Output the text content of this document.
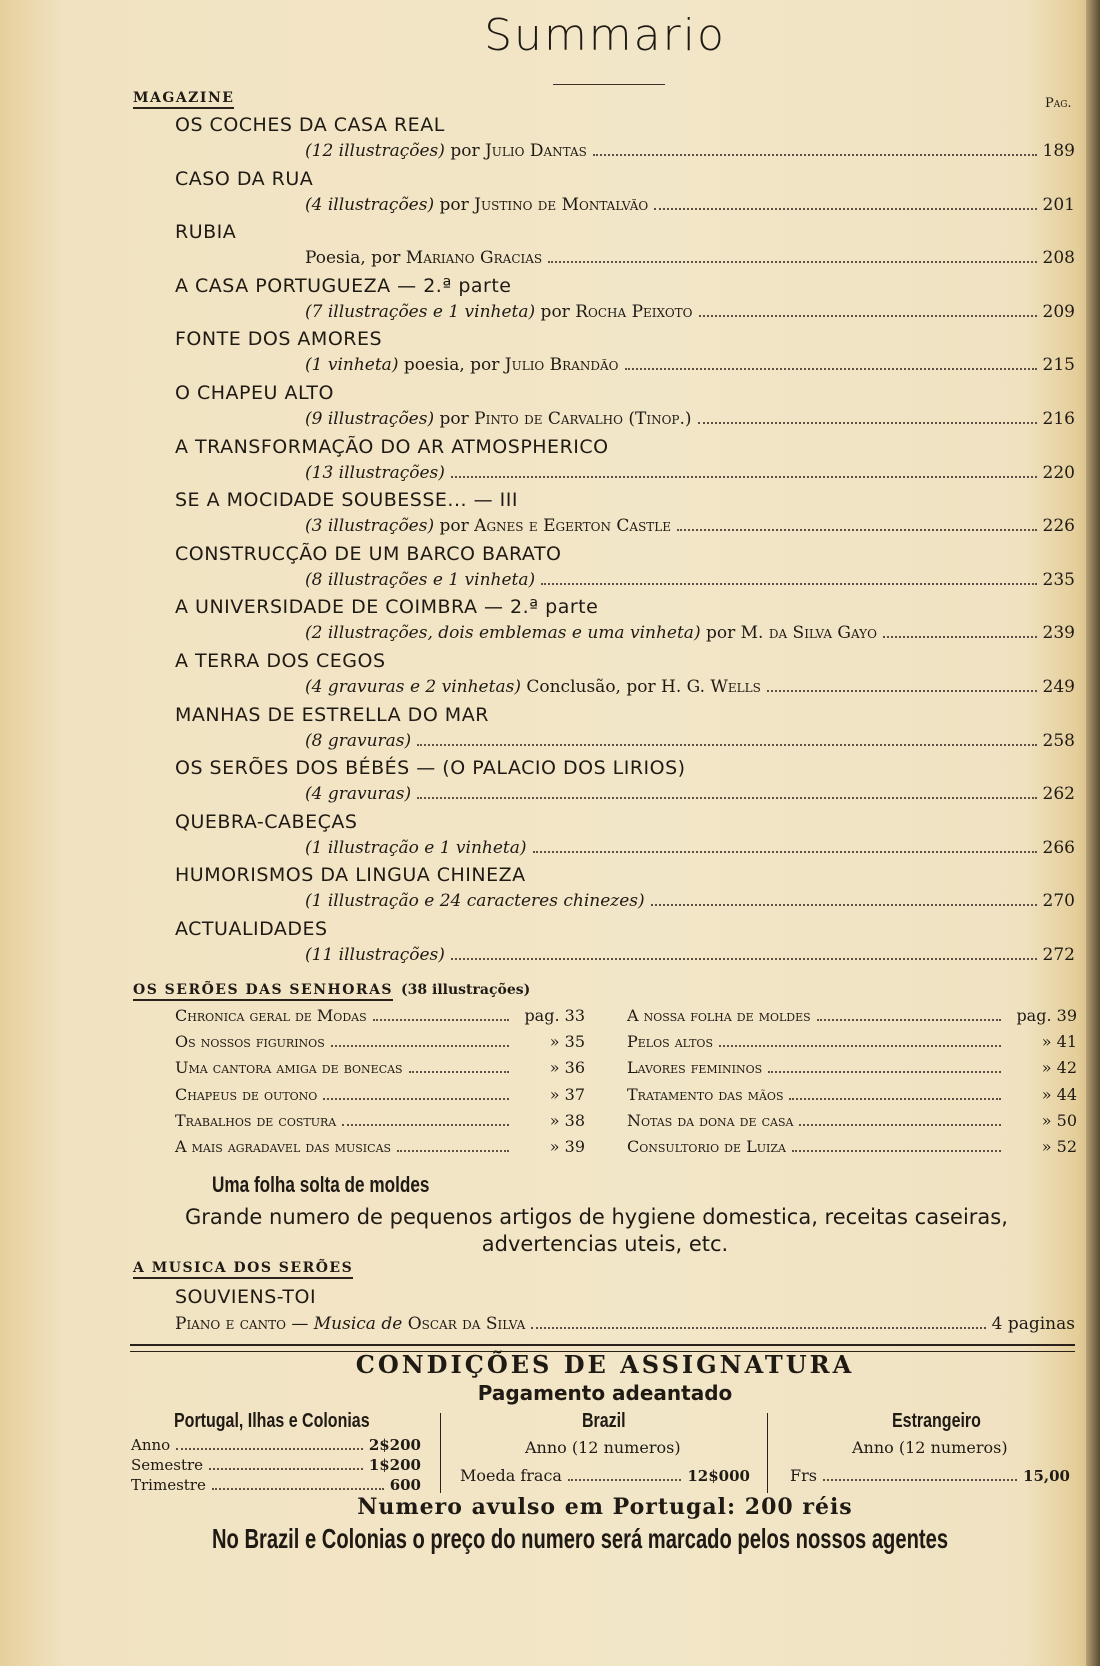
Summario
MAGAZINE	Pag.
OS COCHES DA CASA REAL
(12 illustrações) por Julio Dantas	189
CASO DA RUA
(4 illustrações) por Justino de Montalvão	201
RUBIA
Poesia, por Mariano Gracias	208
A CASA PORTUGUEZA — 2.ª parte
(7 illustrações e 1 vinheta) por Rocha Peixoto	209
FONTE DOS AMORES
(1 vinheta) poesia, por Julio Brandão	215
O CHAPEU ALTO
(9 illustrações) por Pinto de Carvalho (Tinop.)	216
A TRANSFORMAÇÃO DO AR ATMOSPHERICO
(13 illustrações)	220
SE A MOCIDADE SOUBESSE... — III
(3 illustrações) por Agnes e Egerton Castle	226
CONSTRUCÇÃO DE UM BARCO BARATO
(8 illustrações e 1 vinheta)	235
A UNIVERSIDADE DE COIMBRA — 2.ª parte
(2 illustrações, dois emblemas e uma vinheta) por M. da Silva Gayo	239
A TERRA DOS CEGOS
(4 gravuras e 2 vinhetas) Conclusão, por H. G. Wells	249
MANHAS DE ESTRELLA DO MAR
(8 gravuras)	258
OS SERÕES DOS BÉBÉS — (O PALACIO DOS LIRIOS)
(4 gravuras)	262
QUEBRA-CABEÇAS
(1 illustração e 1 vinheta)	266
HUMORISMOS DA LINGUA CHINEZA
(1 illustração e 24 caracteres chinezes)	270
ACTUALIDADES
(11 illustrações)	272
OS SERÕES DAS SENHORAS (38 illustrações)
Chronica geral de Modas	pag. 33
Os nossos figurinos	» 35
Uma cantora amiga de bonecas	» 36
Chapeus de outono	» 37
Trabalhos de costura	» 38
A mais agradavel das musicas	» 39
A nossa folha de moldes	pag. 39
Pelos altos	» 41
Lavores femininos	» 42
Tratamento das mãos	» 44
Notas da dona de casa	» 50
Consultorio de Luiza	» 52
Uma folha solta de moldes
Grande numero de pequenos artigos de hygiene domestica, receitas caseiras,
advertencias uteis, etc.
A MUSICA DOS SERÕES
SOUVIENS-TOI
Piano e canto — Musica de Oscar da Silva	4 paginas
CONDIÇÕES DE ASSIGNATURA
Pagamento adeantado
Portugal, Ilhas e Colonias
Anno	2$200
Semestre	1$200
Trimestre	600
Brazil
Anno (12 numeros)
Moeda fraca	12$000
Estrangeiro
Anno (12 numeros)
Frs	15,00
Numero avulso em Portugal: 200 réis
No Brazil e Colonias o preço do numero será marcado pelos nossos agentes
